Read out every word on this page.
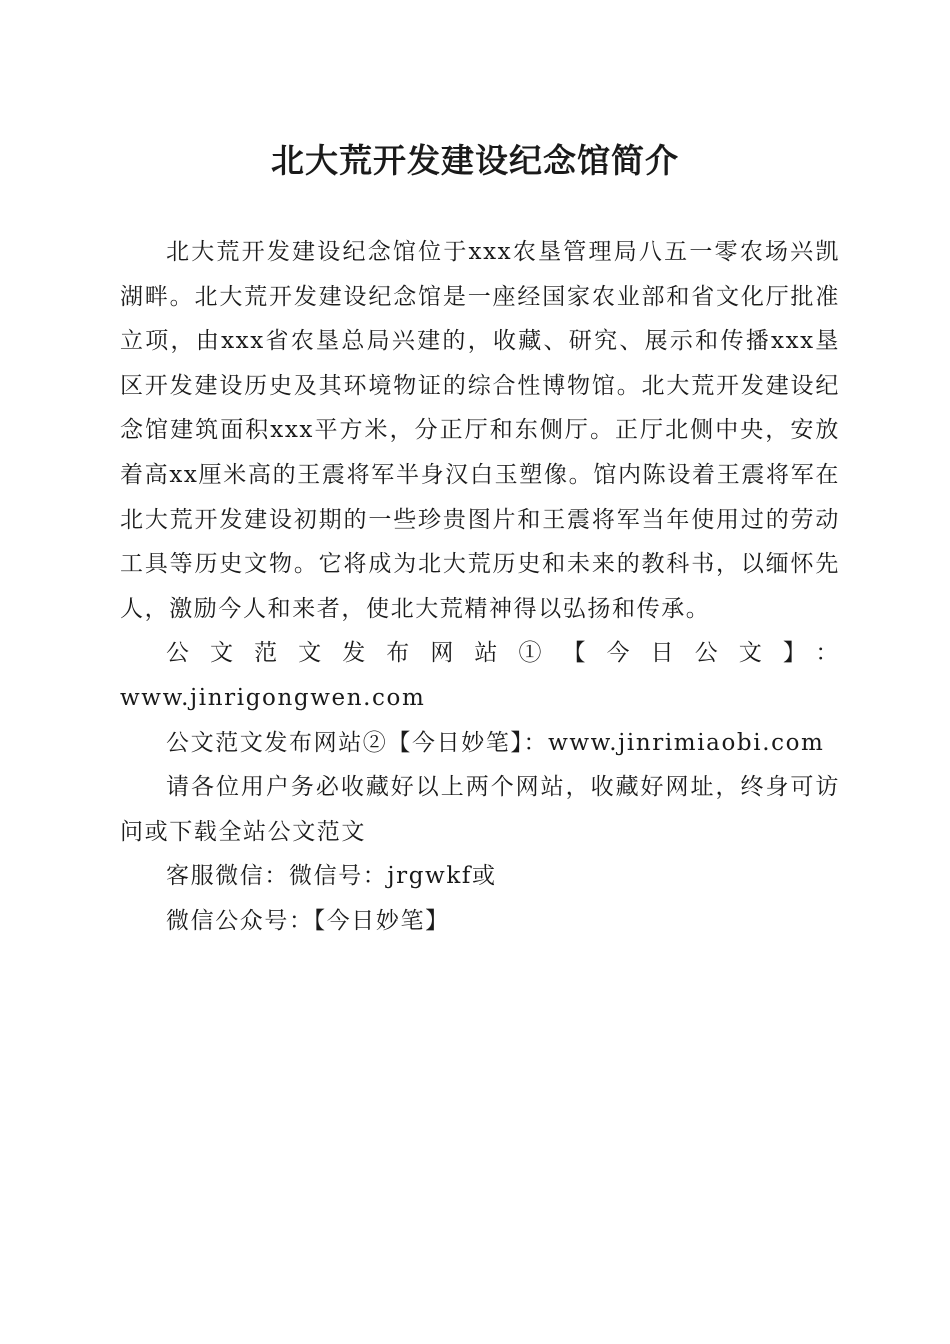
北大荒开发建设纪念馆简介

北大荒开发建设纪念馆位于xxx农垦管理局八五一零农场兴凯湖畔。北大荒开发建设纪念馆是一座经国家农业部和省文化厅批准立项，由xxx省农垦总局兴建的，收藏、研究、展示和传播xxx垦区开发建设历史及其环境物证的综合性博物馆。北大荒开发建设纪念馆建筑面积xxx平方米，分正厅和东侧厅。正厅北侧中央，安放着高xx厘米高的王震将军半身汉白玉塑像。馆内陈设着王震将军在北大荒开发建设初期的一些珍贵图片和王震将军当年使用过的劳动工具等历史文物。它将成为北大荒历史和未来的教科书，以缅怀先人，激励今人和来者，使北大荒精神得以弘扬和传承。

公文范文发布网站①【今日公文】：

www.jinrigongwen.com

公文范文发布网站②【今日妙笔】：www.jinrimiaobi.com

请各位用户务必收藏好以上两个网站，收藏好网址，终身可访问或下载全站公文范文

客服微信：微信号：jrgwkf或

微信公众号：【今日妙笔】
